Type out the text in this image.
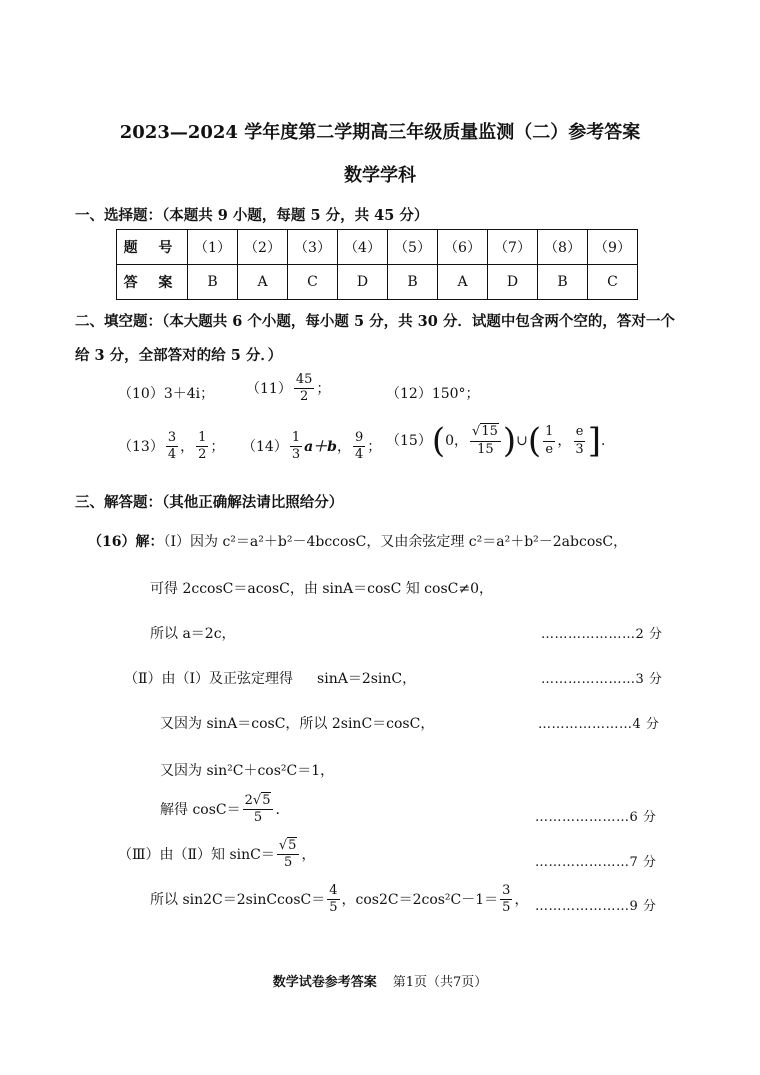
2023—2024 学年度第二学期高三年级质量监测（二）参考答案
数学学科
一、选择题：（本题共 9 小题，每题 5 分，共 45 分）
题 号	（1）	（2）	（3）	（4）	（5）	（6）	（7）	（8）	（9）
答 案	B	A	C	D	B	A	D	B	C
二、填空题：（本大题共 6 个小题，每小题 5 分，共 30 分．试题中包含两个空的，答对一个
给 3 分，全部答对的给 5 分．）
（10）3＋4i； $(11) \frac{45}{2}$ ；	（12）150°；
$(13) \frac{3}{4}$ ， $\frac{1}{2}$ ； $(14) \frac{1}{3} a+b$， $\frac{9}{4}$ ； （15）(0， $\frac{√15}{15}$ )∪( $\frac{1}{e}$ ， $\frac{e}{3}$ ]．
三、解答题：（其他正确解法请比照给分）
（16）解：（Ⅰ）因为 c²＝a²＋b²－4bccosC，又由余弦定理 c²＝a²＋b²－2abcosC，
可得 2ccosC＝acosC，由 sinA＝cosC 知 cosC≠0，
所以 a＝2c，	…………………2 分
（Ⅱ）由（Ⅰ）及正弦定理得 sinA＝2sinC，	…………………3 分
又因为 sinA＝cosC，所以 2sinC＝cosC，	…………………4 分
又因为 sin²C＋cos²C＝1，
解得 $\cos C= \frac{2√5}{5}$ ．	…………………6 分
（Ⅲ）由（Ⅱ）知 $\sin C= \frac{√5}{5}$ ，	…………………7 分
所以 sin2C＝2sinCcosC＝ $\frac{4}{5}$ ，$\cos 2C=2\cos^2C-1= \frac{3}{5}$ ， …………………9 分
数学试卷参考答案 第1页（共7页）
